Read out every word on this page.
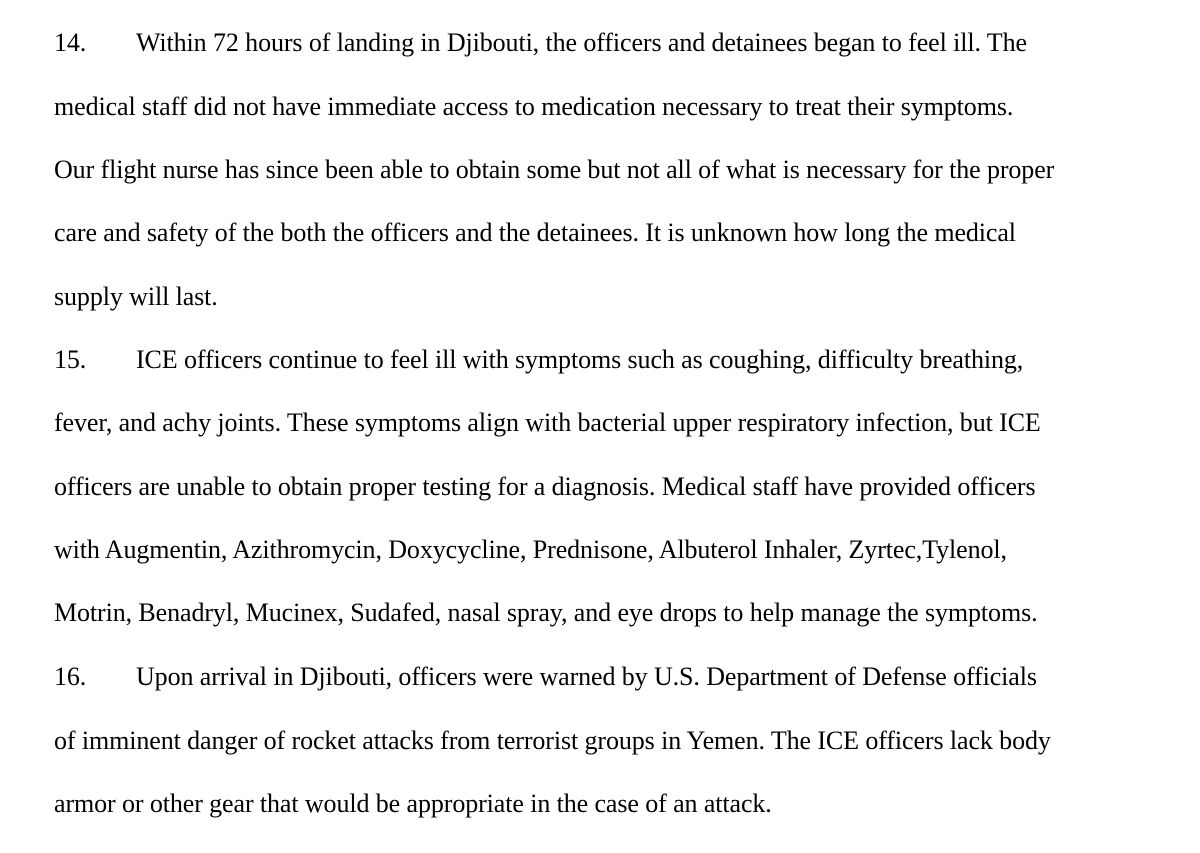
14. Within 72 hours of landing in Djibouti, the officers and detainees began to feel ill. The
medical staff did not have immediate access to medication necessary to treat their symptoms.
Our flight nurse has since been able to obtain some but not all of what is necessary for the proper
care and safety of the both the officers and the detainees. It is unknown how long the medical
supply will last.
15. ICE officers continue to feel ill with symptoms such as coughing, difficulty breathing,
fever, and achy joints. These symptoms align with bacterial upper respiratory infection, but ICE
officers are unable to obtain proper testing for a diagnosis. Medical staff have provided officers
with Augmentin, Azithromycin, Doxycycline, Prednisone, Albuterol Inhaler, Zyrtec,Tylenol,
Motrin, Benadryl, Mucinex, Sudafed, nasal spray, and eye drops to help manage the symptoms.
16. Upon arrival in Djibouti, officers were warned by U.S. Department of Defense officials
of imminent danger of rocket attacks from terrorist groups in Yemen. The ICE officers lack body
armor or other gear that would be appropriate in the case of an attack.
